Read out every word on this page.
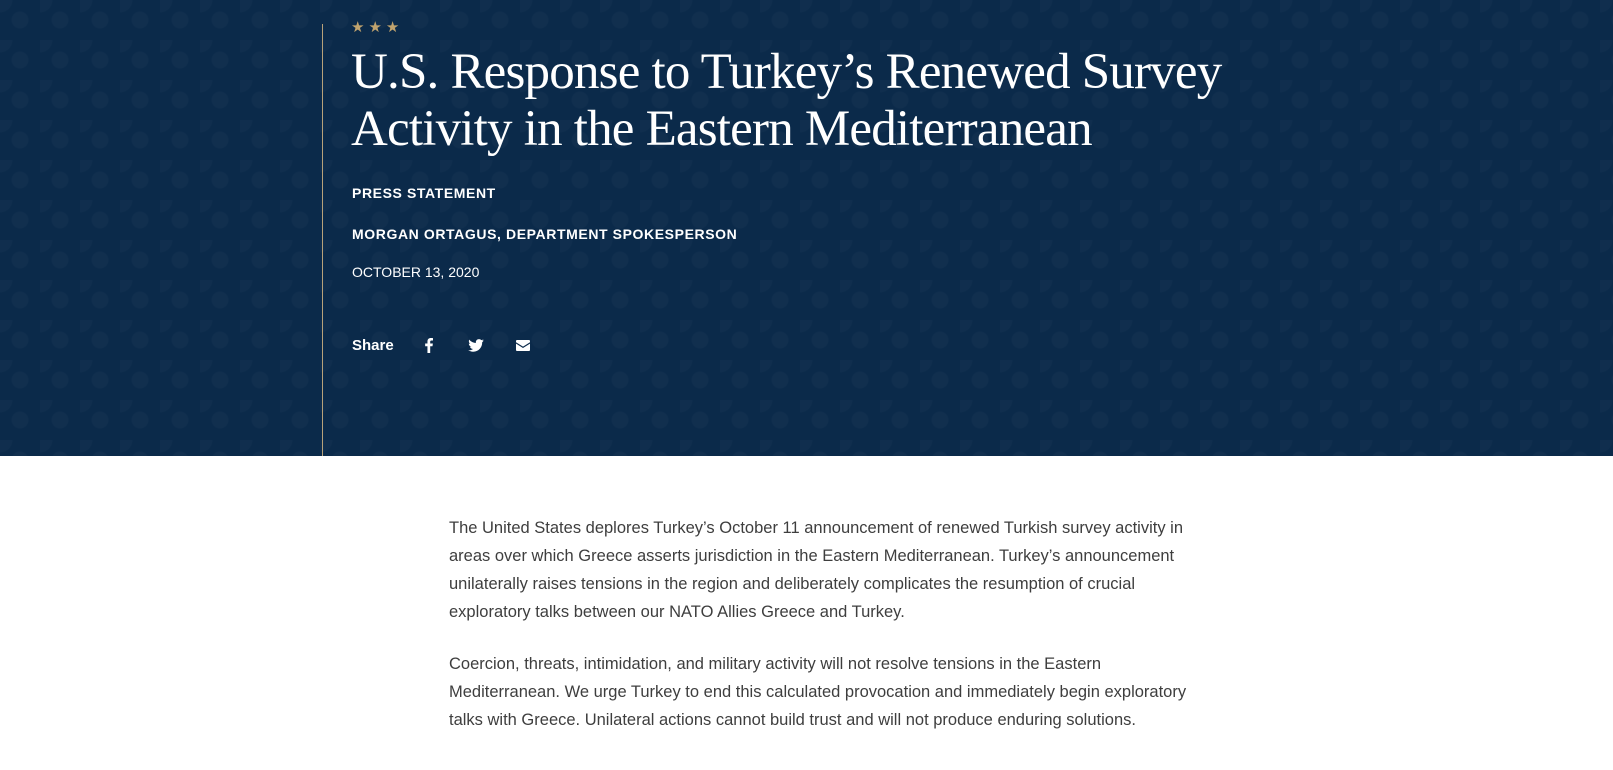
★★★
U.S. Response to Turkey’s Renewed Survey Activity in the Eastern Mediterranean
PRESS STATEMENT
MORGAN ORTAGUS, DEPARTMENT SPOKESPERSON
OCTOBER 13, 2020
Share

The United States deplores Turkey’s October 11 announcement of renewed Turkish survey activity in areas over which Greece asserts jurisdiction in the Eastern Mediterranean. Turkey’s announcement unilaterally raises tensions in the region and deliberately complicates the resumption of crucial exploratory talks between our NATO Allies Greece and Turkey.

Coercion, threats, intimidation, and military activity will not resolve tensions in the Eastern Mediterranean. We urge Turkey to end this calculated provocation and immediately begin exploratory talks with Greece. Unilateral actions cannot build trust and will not produce enduring solutions.
